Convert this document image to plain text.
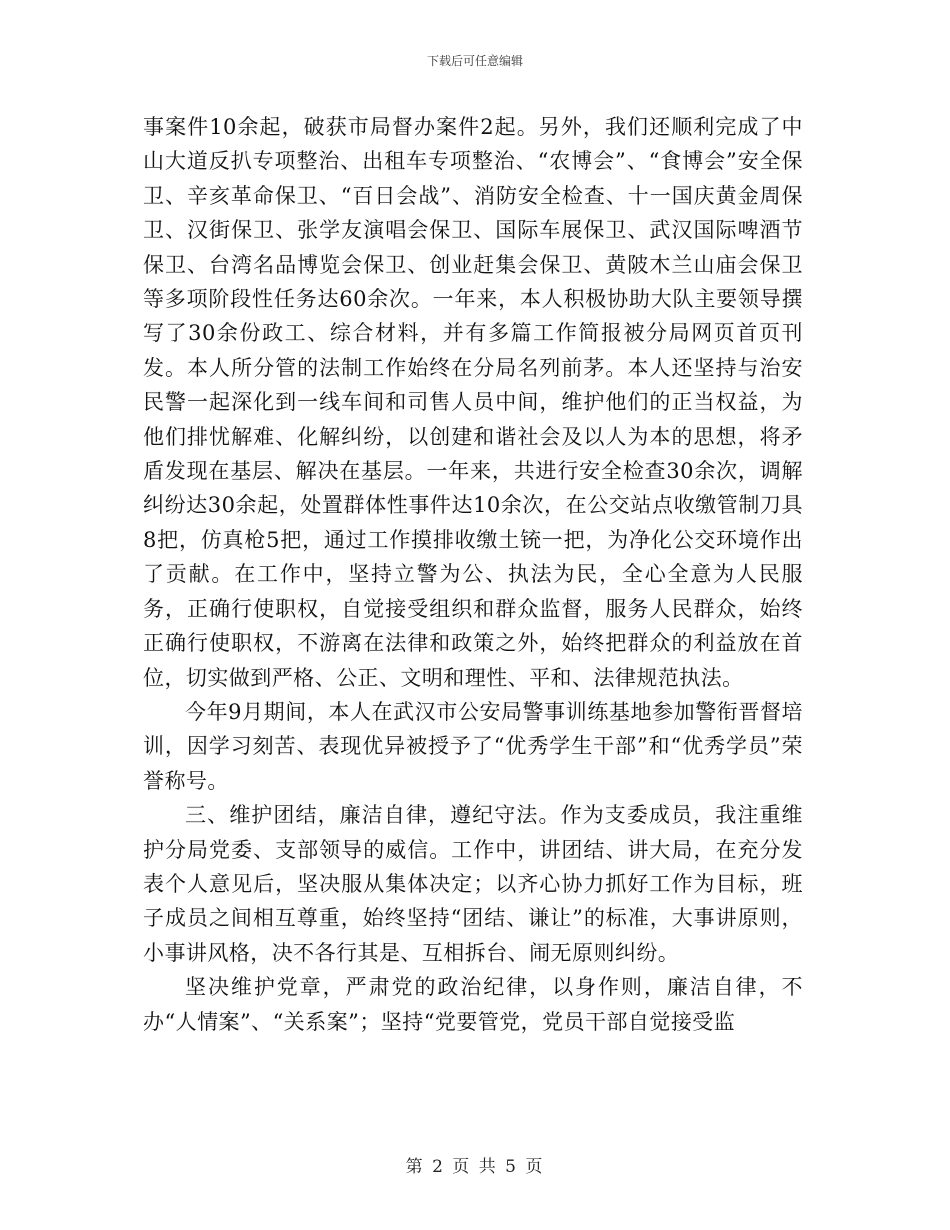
下载后可任意编辑

事案件10余起，破获市局督办案件2起。另外，我们还顺利完成了中山大道反扒专项整治、出租车专项整治、“农博会”、“食博会”安全保卫、辛亥革命保卫、“百日会战”、消防安全检查、十一国庆黄金周保卫、汉街保卫、张学友演唱会保卫、国际车展保卫、武汉国际啤酒节保卫、台湾名品博览会保卫、创业赶集会保卫、黄陂木兰山庙会保卫等多项阶段性任务达60余次。一年来，本人积极协助大队主要领导撰写了30余份政工、综合材料，并有多篇工作简报被分局网页首页刊发。本人所分管的法制工作始终在分局名列前茅。本人还坚持与治安民警一起深化到一线车间和司售人员中间，维护他们的正当权益，为他们排忧解难、化解纠纷，以创建和谐社会及以人为本的思想，将矛盾发现在基层、解决在基层。一年来，共进行安全检查30余次，调解纠纷达30余起，处置群体性事件达10余次，在公交站点收缴管制刀具8把，仿真枪5把，通过工作摸排收缴土铳一把，为净化公交环境作出了贡献。在工作中，坚持立警为公、执法为民，全心全意为人民服务，正确行使职权，自觉接受组织和群众监督，服务人民群众，始终正确行使职权，不游离在法律和政策之外，始终把群众的利益放在首位，切实做到严格、公正、文明和理性、平和、法律规范执法。

今年9月期间，本人在武汉市公安局警事训练基地参加警衔晋督培训，因学习刻苦、表现优异被授予了“优秀学生干部”和“优秀学员”荣誉称号。

三、维护团结，廉洁自律，遵纪守法。作为支委成员，我注重维护分局党委、支部领导的威信。工作中，讲团结、讲大局，在充分发表个人意见后，坚决服从集体决定；以齐心协力抓好工作为目标，班子成员之间相互尊重，始终坚持“团结、谦让”的标准，大事讲原则，小事讲风格，决不各行其是、互相拆台、闹无原则纠纷。

坚决维护党章，严肃党的政治纪律，以身作则，廉洁自律，不办“人情案”、“关系案”；坚持“党要管党，党员干部自觉接受监

第 2 页 共 5 页
